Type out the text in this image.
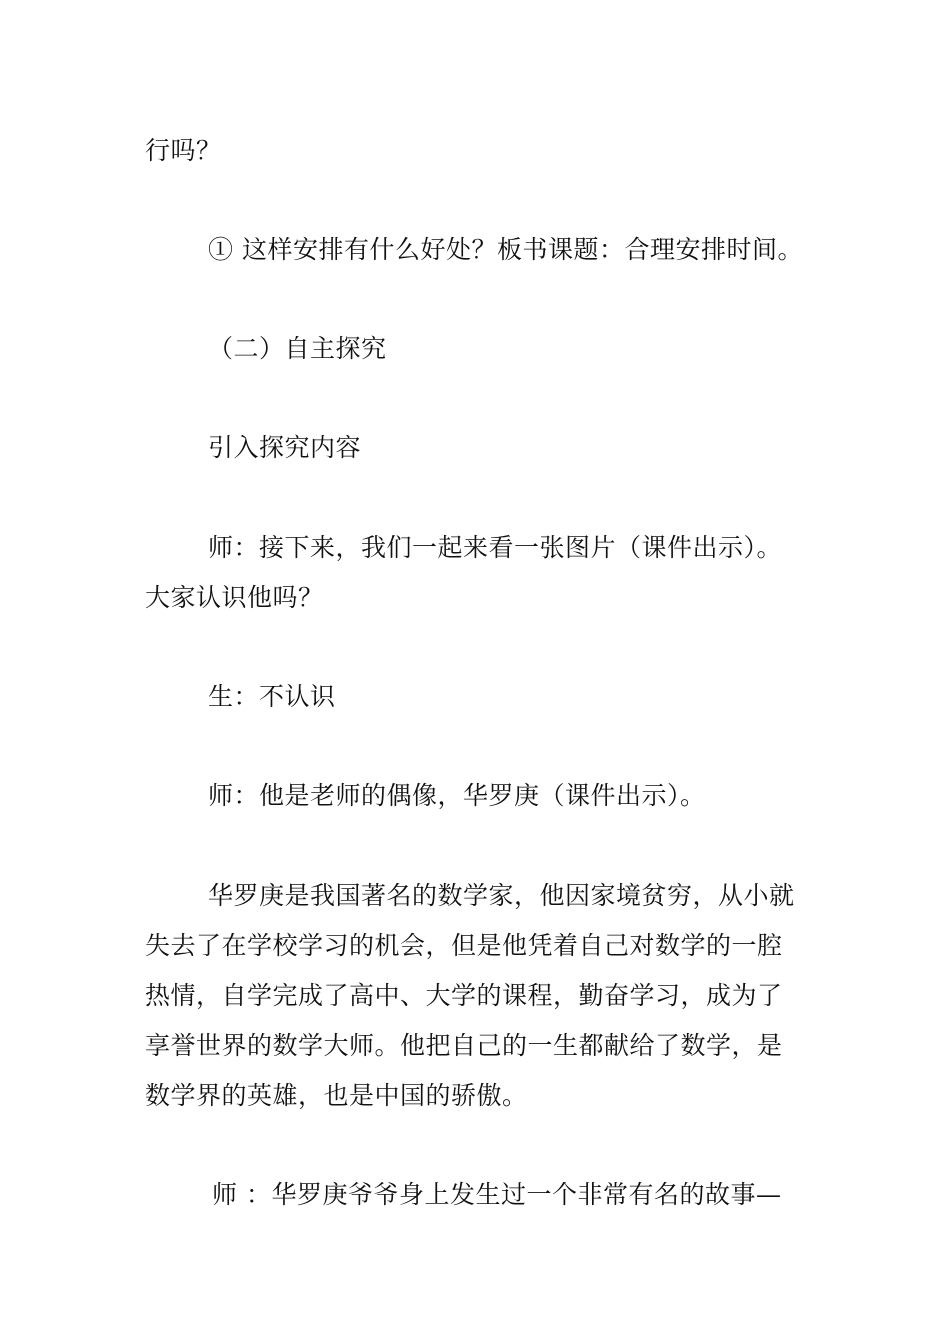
行吗？
① 这样安排有什么好处？板书课题：合理安排时间。
（二）自主探究
引入探究内容
师：接下来，我们一起来看一张图片（课件出示）。
大家认识他吗？
生：不认识
师：他是老师的偶像，华罗庚（课件出示）。
华罗庚是我国著名的数学家，他因家境贫穷，从小就
失去了在学校学习的机会，但是他凭着自己对数学的一腔
热情，自学完成了高中、大学的课程，勤奋学习，成为了
享誉世界的数学大师。他把自己的一生都献给了数学，是
数学界的英雄，也是中国的骄傲。
师 ：华罗庚爷爷身上发生过一个非常有名的故事—
